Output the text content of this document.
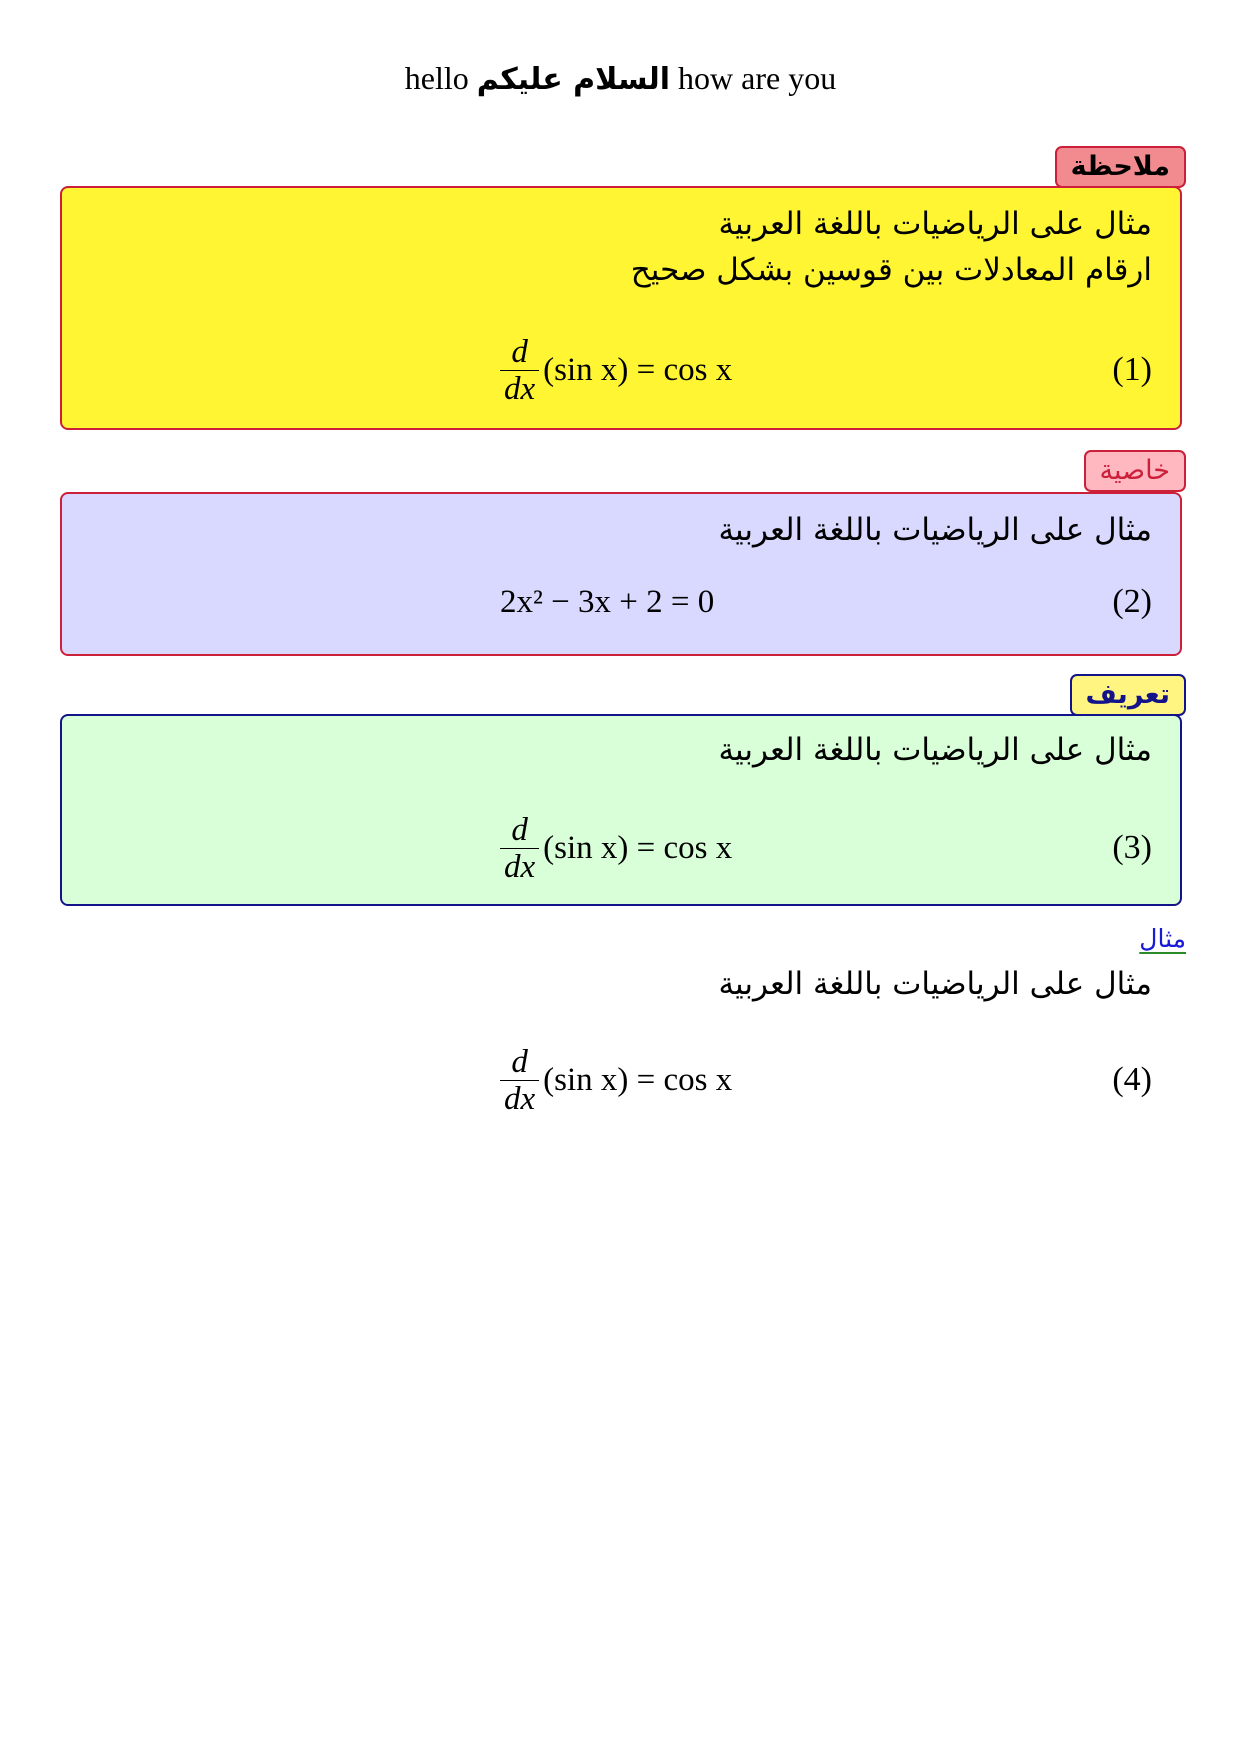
hello السلام عليكم how are you
ملاحظة
مثال على الرياضيات باللغة العربية
ارقام المعادلات بين قوسين بشكل صحيح
$\frac{d}{dx} (\sin$ x) = cos x	(1)
خاصية
مثال على الرياضيات باللغة العربية
2x² − 3x + 2 = 0	(2)
تعريف
مثال على الرياضيات باللغة العربية
$\frac{d}{dx} (\sin$ x) = cos x	(3)
مثال
مثال على الرياضيات باللغة العربية
$\frac{d}{dx} (\sin$ x) = cos x	(4)
